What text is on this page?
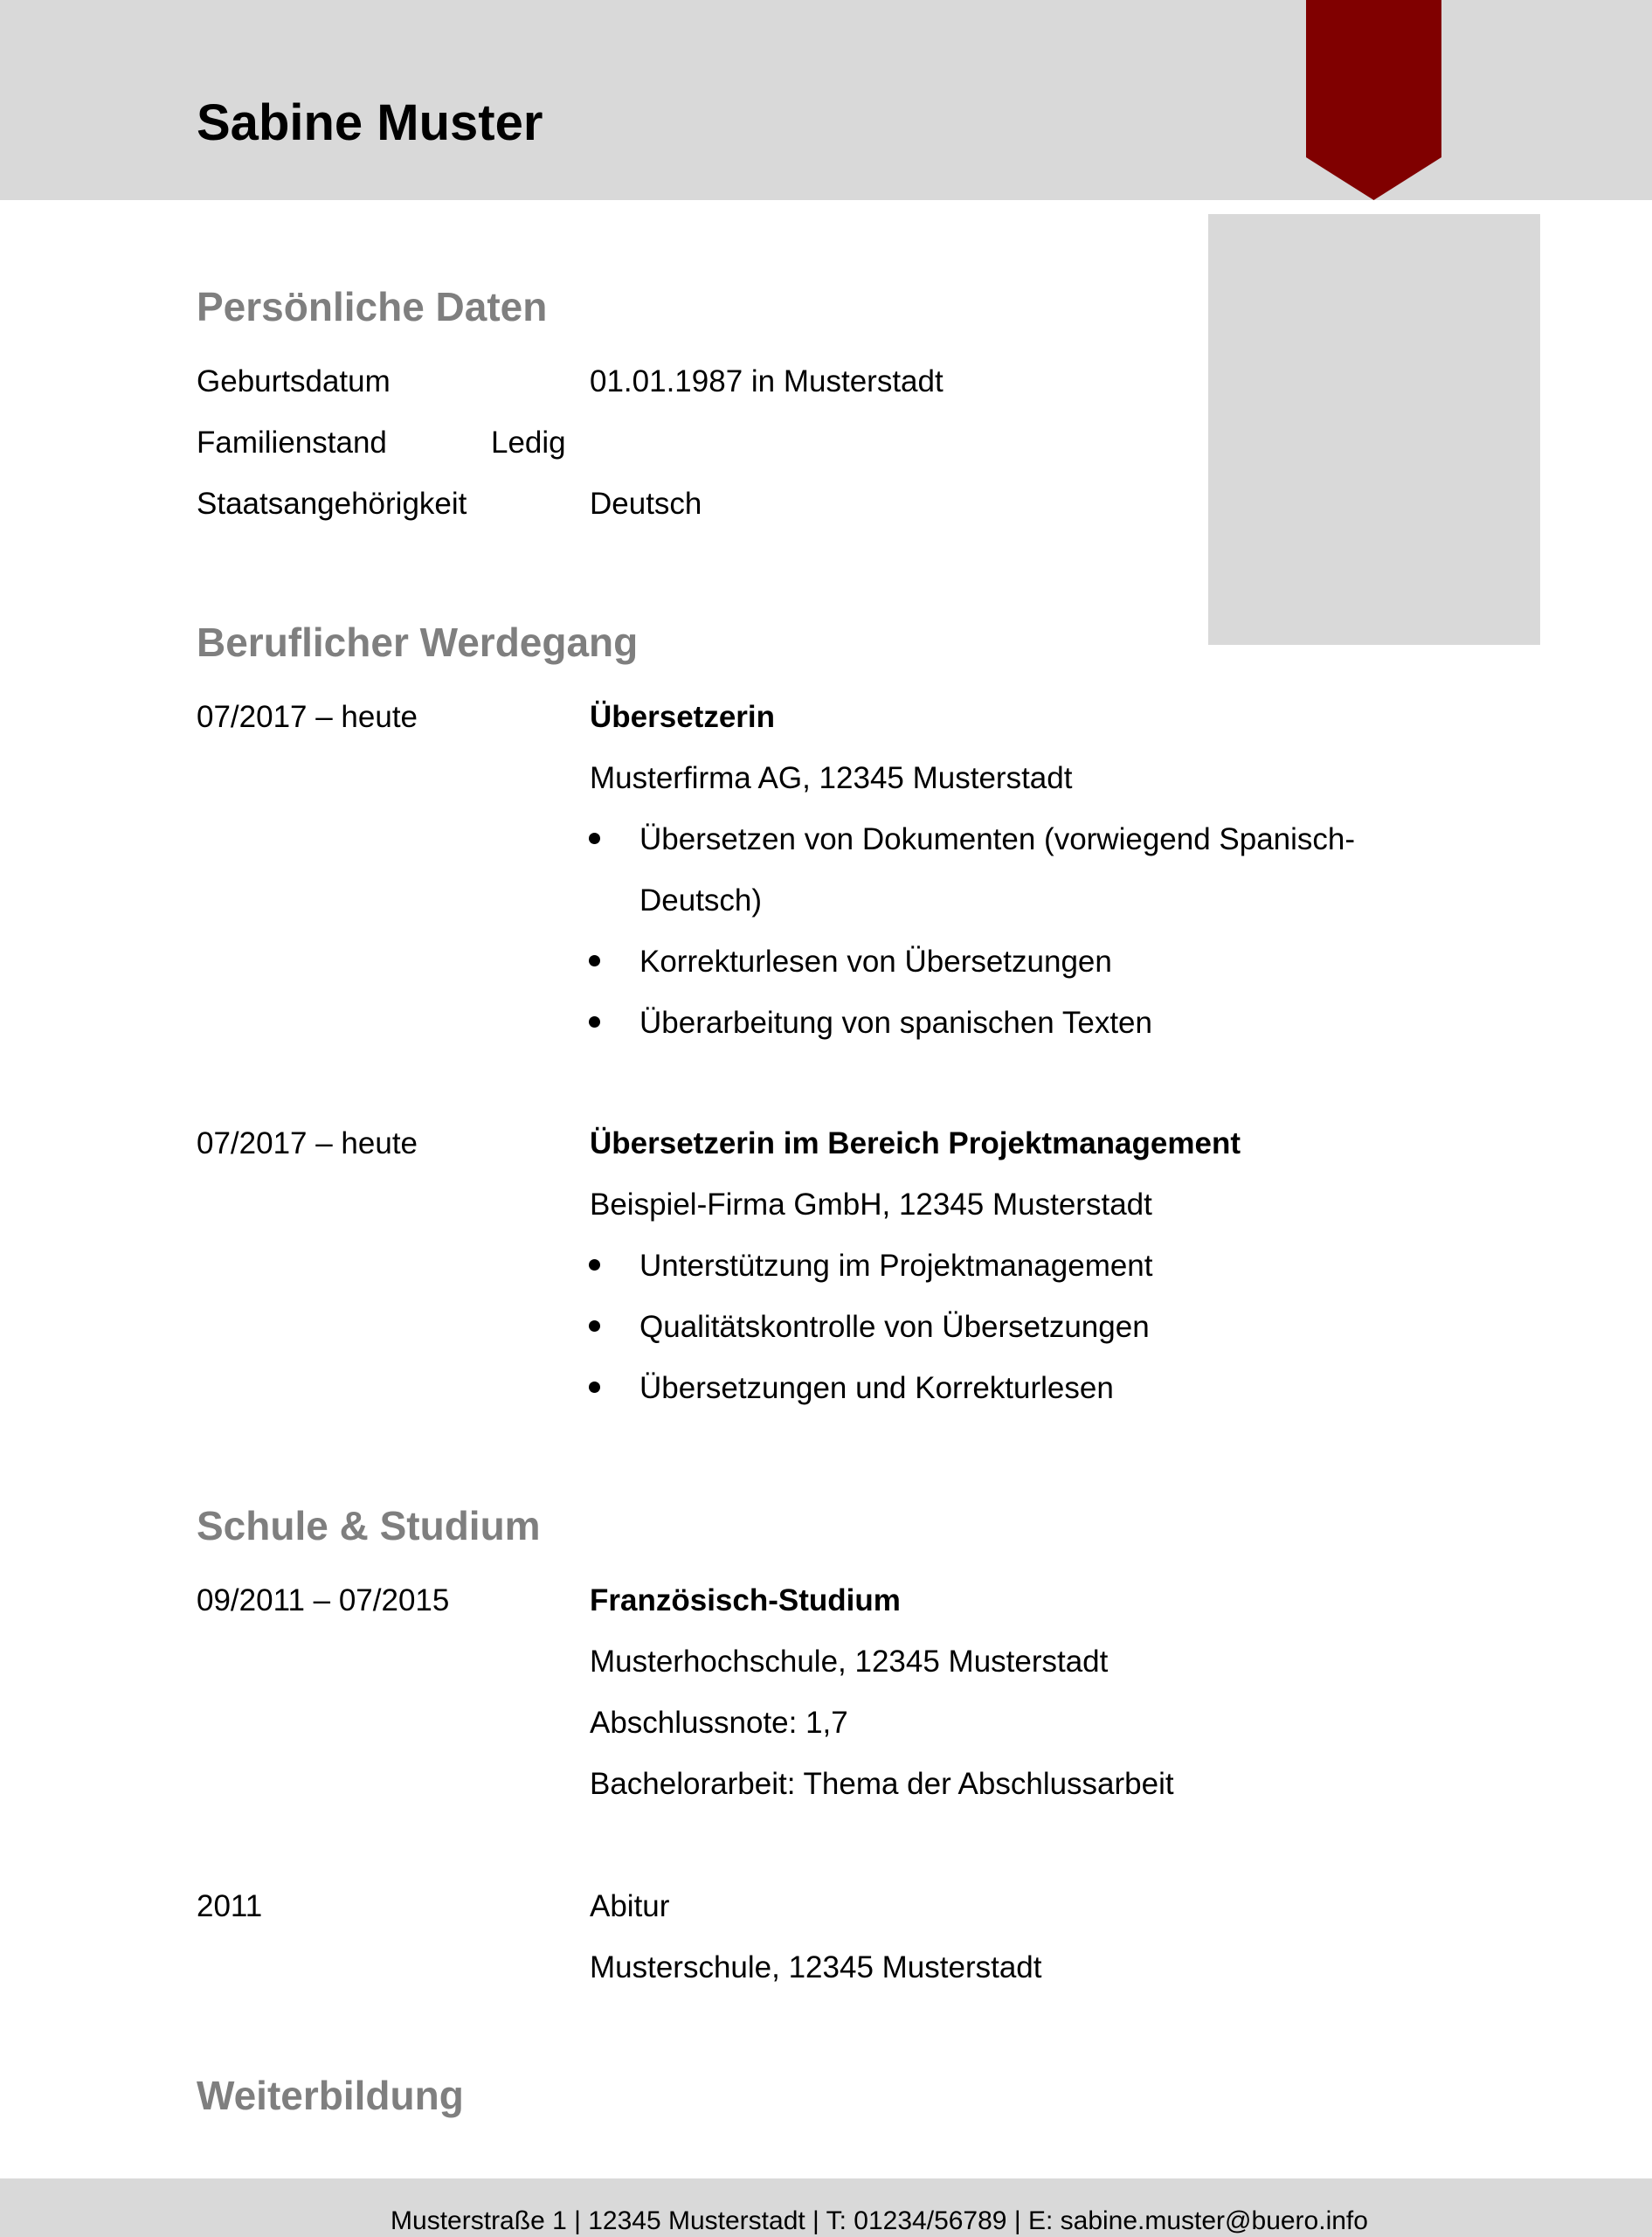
Sabine Muster
Persönliche Daten
Geburtsdatum	01.01.1987 in Musterstadt
Familienstand	Ledig
Staatsangehörigkeit	Deutsch
Beruflicher Werdegang
07/2017 – heute	Übersetzerin
Musterfirma AG, 12345 Musterstadt
Übersetzen von Dokumenten (vorwiegend Spanisch-
Deutsch)
Korrekturlesen von Übersetzungen
Überarbeitung von spanischen Texten
07/2017 – heute	Übersetzerin im Bereich Projektmanagement
Beispiel-Firma GmbH, 12345 Musterstadt
Unterstützung im Projektmanagement
Qualitätskontrolle von Übersetzungen
Übersetzungen und Korrekturlesen
Schule & Studium
09/2011 – 07/2015	Französisch-Studium
Musterhochschule, 12345 Musterstadt
Abschlussnote: 1,7
Bachelorarbeit: Thema der Abschlussarbeit
2011	Abitur
Musterschule, 12345 Musterstadt
Weiterbildung
Musterstraße 1 | 12345 Musterstadt | T: 01234/56789 | E: sabine.muster@buero.info
